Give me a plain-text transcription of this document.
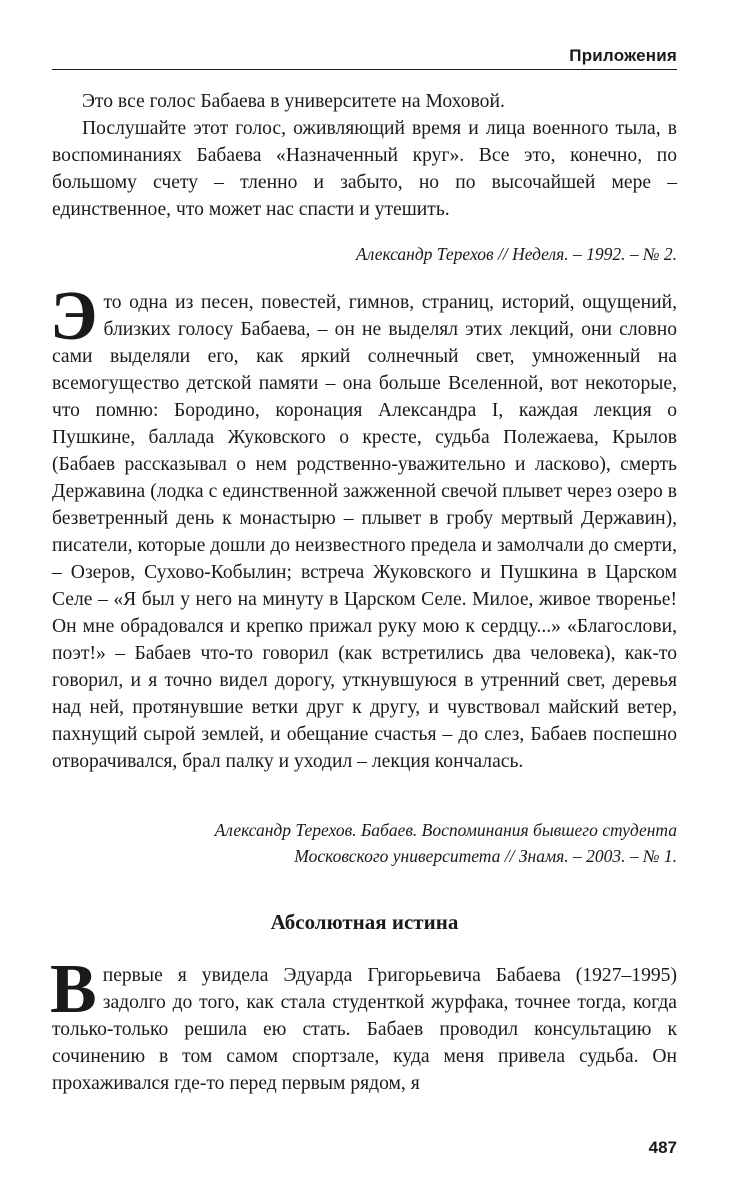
Приложения

Это все голос Бабаева в университете на Моховой.

Послушайте этот голос, оживляющий время и лица военного тыла, в воспоминаниях Бабаева «Назначенный круг». Все это, конечно, по большому счету – тленно и забыто, но по высочайшей мере – единственное, что может нас спасти и утешить.

Александр Терехов // Неделя. – 1992. – № 2.

Это одна из песен, повестей, гимнов, страниц, историй, ощущений, близких голосу Бабаева, – он не выделял этих лекций, они словно сами выделяли его, как яркий солнечный свет, умноженный на всемогущество детской памяти – она больше Вселенной, вот некоторые, что помню: Бородино, коронация Александра I, каждая лекция о Пушкине, баллада Жуковского о кресте, судьба Полежаева, Крылов (Бабаев рассказывал о нем родственно-уважительно и ласково), смерть Державина (лодка с единственной зажженной свечой плывет через озеро в безветренный день к монастырю – плывет в гробу мертвый Державин), писатели, которые дошли до неизвестного предела и замолчали до смерти, – Озеров, Сухово-Кобылин; встреча Жуковского и Пушкина в Царском Селе – «Я был у него на минуту в Царском Селе. Милое, живое творенье! Он мне обрадовался и крепко прижал руку мою к сердцу...» «Благослови, поэт!» – Бабаев что-то говорил (как встретились два человека), как-то говорил, и я точно видел дорогу, уткнувшуюся в утренний свет, деревья над ней, протянувшие ветки друг к другу, и чувствовал майский ветер, пахнущий сырой землей, и обещание счастья – до слез, Бабаев поспешно отворачивался, брал палку и уходил – лекция кончалась.

Александр Терехов. Бабаев. Воспоминания бывшего студента
Московского университета // Знамя. – 2003. – № 1.
Абсолютная истина

Впервые я увидела Эдуарда Григорьевича Бабаева (1927–1995) задолго до того, как стала студенткой журфака, точнее тогда, когда только-только решила ею стать. Бабаев проводил консультацию к сочинению в том самом спортзале, куда меня привела судьба. Он прохаживался где-то перед первым рядом, я

487
